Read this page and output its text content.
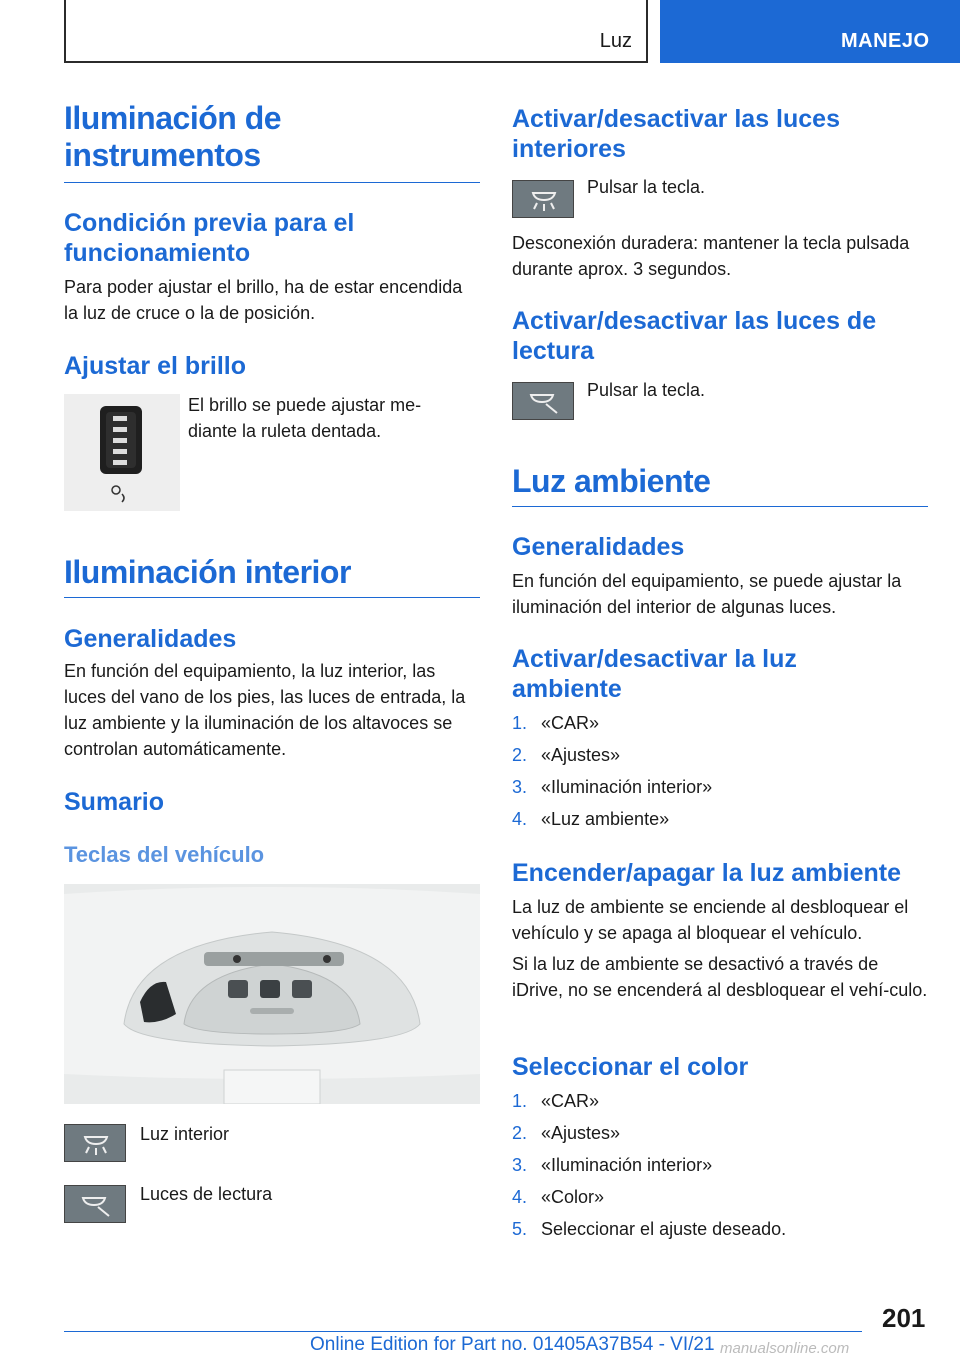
Luz	MANEJO
Iluminación de instrumentos
Condición previa para el funcionamiento

Para poder ajustar el brillo, ha de estar encendida la luz de cruce o la de posición.

Ajustar el brillo

El brillo se puede ajustar me-diante la ruleta dentada.

Iluminación interior
Generalidades

En función del equipamiento, la luz interior, las luces del vano de los pies, las luces de entrada, la luz ambiente y la iluminación de los altavoces se controlan automáticamente.

Sumario
Teclas del vehículo

Luz interior

Luces de lectura

Activar/desactivar las luces interiores

Pulsar la tecla.

Desconexión duradera: mantener la tecla pulsada durante aprox. 3 segundos.

Activar/desactivar las luces de lectura

Pulsar la tecla.

Luz ambiente
Generalidades

En función del equipamiento, se puede ajustar la iluminación del interior de algunas luces.

Activar/desactivar la luz ambiente
1. «CAR»
2. «Ajustes»
3. «Iluminación interior»
4. «Luz ambiente»
Encender/apagar la luz ambiente

La luz de ambiente se enciende al desbloquear el vehículo y se apaga al bloquear el vehículo.

Si la luz de ambiente se desactivó a través de iDrive, no se encenderá al desbloquear el vehí-culo.

Seleccionar el color
1. «CAR»
2. «Ajustes»
3. «Iluminación interior»
4. «Color»
5. Seleccionar el ajuste deseado.
201
Online Edition for Part no. 01405A37B54 - VI/21 manualsonline.com
